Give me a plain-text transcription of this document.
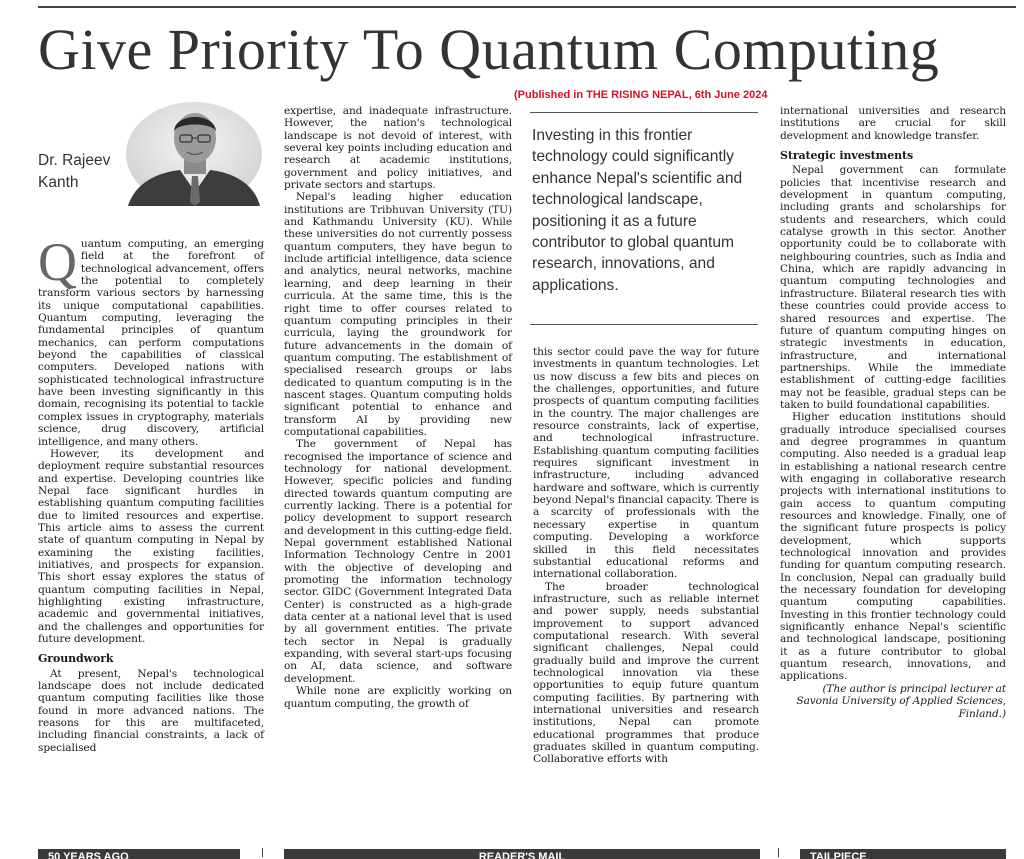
Give Priority To Quantum Computing
(Published in THE RISING NEPAL, 6th June 2024
Dr. Rajeev
Kanth

Quantum computing, an emerging field at the forefront of technological advancement, offers the potential to completely transform various sectors by harnessing its unique computational capabilities. Quantum computing, leveraging the fundamental principles of quantum mechanics, can perform computations beyond the capabilities of classical computers. Developed nations with sophisticated technological infrastructure have been investing significantly in this domain, recognising its potential to tackle complex issues in cryptography, materials science, drug discovery, artificial intelligence, and many others.

However, its development and deployment require substantial resources and expertise. Developing countries like Nepal face significant hurdles in establishing quantum computing facilities due to limited resources and expertise. This article aims to assess the current state of quantum computing in Nepal by examining the existing facilities, initiatives, and prospects for expansion. This short essay explores the status of quantum computing facilities in Nepal, highlighting existing infrastructure, academic and governmental initiatives, and the challenges and opportunities for future development.

Groundwork

At present, Nepal's technological landscape does not include dedicated quantum computing facilities like those found in more advanced nations. The reasons for this are multifaceted, including financial constraints, a lack of specialised

expertise, and inadequate infrastructure. However, the nation's technological landscape is not devoid of interest, with several key points including education and research at academic institutions, government and policy initiatives, and private sectors and startups.

Nepal's leading higher education institutions are Tribhuvan University (TU) and Kathmandu University (KU). While these universities do not currently possess quantum computers, they have begun to include artificial intelligence, data science and analytics, neural networks, machine learning, and deep learning in their curricula. At the same time, this is the right time to offer courses related to quantum computing principles in their curricula, laying the groundwork for future advancements in the domain of quantum computing. The establishment of specialised research groups or labs dedicated to quantum computing is in the nascent stages. Quantum computing holds significant potential to enhance and transform AI by providing new computational capabilities.

The government of Nepal has recognised the importance of science and technology for national development. However, specific policies and funding directed towards quantum computing are currently lacking. There is a potential for policy development to support research and development in this cutting-edge field. Nepal government established National Information Technology Centre in 2001 with the objective of developing and promoting the information technology sector. GIDC (Government Integrated Data Center) is constructed as a high-grade data center at a national level that is used by all government entities. The private tech sector in Nepal is gradually expanding, with several start-ups focusing on AI, data science, and software development.

While none are explicitly working on quantum computing, the growth of

Investing in this frontier technology could significantly enhance Nepal's scientific and technological landscape, positioning it as a future contributor to global quantum research, innovations, and applications.

this sector could pave the way for future investments in quantum technologies. Let us now discuss a few bits and pieces on the challenges, opportunities, and future prospects of quantum computing facilities in the country. The major challenges are resource constraints, lack of expertise, and technological infrastructure. Establishing quantum computing facilities requires significant investment in infrastructure, including advanced hardware and software, which is currently beyond Nepal's financial capacity. There is a scarcity of professionals with the necessary expertise in quantum computing. Developing a workforce skilled in this field necessitates substantial educational reforms and international collaboration.

The broader technological infrastructure, such as reliable internet and power supply, needs substantial improvement to support advanced computational research. With several significant challenges, Nepal could gradually build and improve the current technological innovation via these opportunities to equip future quantum computing facilities. By partnering with international universities and research institutions, Nepal can promote educational programmes that produce graduates skilled in quantum computing. Collaborative efforts with

international universities and research institutions are crucial for skill development and knowledge transfer.

Strategic investments

Nepal government can formulate policies that incentivise research and development in quantum computing, including grants and scholarships for students and researchers, which could catalyse growth in this sector. Another opportunity could be to collaborate with neighbouring countries, such as India and China, which are rapidly advancing in quantum computing technologies and infrastructure. Bilateral research ties with these countries could provide access to shared resources and expertise. The future of quantum computing hinges on strategic investments in education, infrastructure, and international partnerships. While the immediate establishment of cutting-edge facilities may not be feasible, gradual steps can be taken to build foundational capabilities.

Higher education institutions should gradually introduce specialised courses and degree programmes in quantum computing. Also needed is a gradual leap in establishing a national research centre with engaging in collaborative research projects with international institutions to gain access to quantum computing resources and knowledge. Finally, one of the significant future prospects is policy development, which supports technological innovation and provides funding for quantum computing research. In conclusion, Nepal can gradually build the necessary foundation for developing quantum computing capabilities. Investing in this frontier technology could significantly enhance Nepal's scientific and technological landscape, positioning it as a future contributor to global quantum research, innovations, and applications.

(The author is principal lecturer at Savonia University of Applied Sciences, Finland.)

50 YEARS AGO	READER'S MAIL	TAILPIECE
